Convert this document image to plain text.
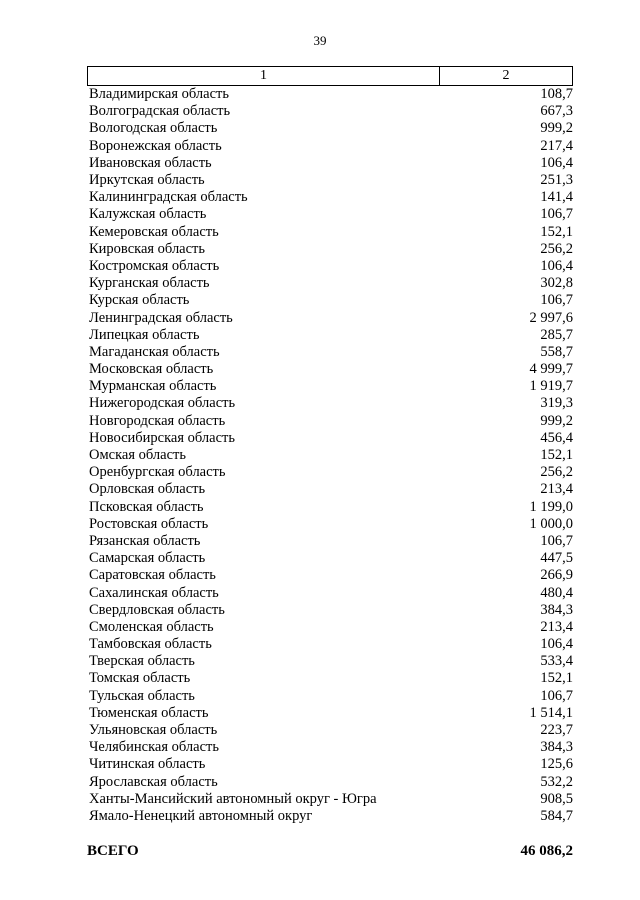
39
1	2
Владимирская область	108,7
Волгоградская область	667,3
Вологодская область	999,2
Воронежская область	217,4
Ивановская область	106,4
Иркутская область	251,3
Калининградская область	141,4
Калужская область	106,7
Кемеровская область	152,1
Кировская область	256,2
Костромская область	106,4
Курганская область	302,8
Курская область	106,7
Ленинградская область	2 997,6
Липецкая область	285,7
Магаданская область	558,7
Московская область	4 999,7
Мурманская область	1 919,7
Нижегородская область	319,3
Новгородская область	999,2
Новосибирская область	456,4
Омская область	152,1
Оренбургская область	256,2
Орловская область	213,4
Псковская область	1 199,0
Ростовская область	1 000,0
Рязанская область	106,7
Самарская область	447,5
Саратовская область	266,9
Сахалинская область	480,4
Свердловская область	384,3
Смоленская область	213,4
Тамбовская область	106,4
Тверская область	533,4
Томская область	152,1
Тульская область	106,7
Тюменская область	1 514,1
Ульяновская область	223,7
Челябинская область	384,3
Читинская область	125,6
Ярославская область	532,2
Ханты-Мансийский автономный округ - Югра	908,5
Ямало-Ненецкий автономный округ	584,7
ВСЕГО	46 086,2
